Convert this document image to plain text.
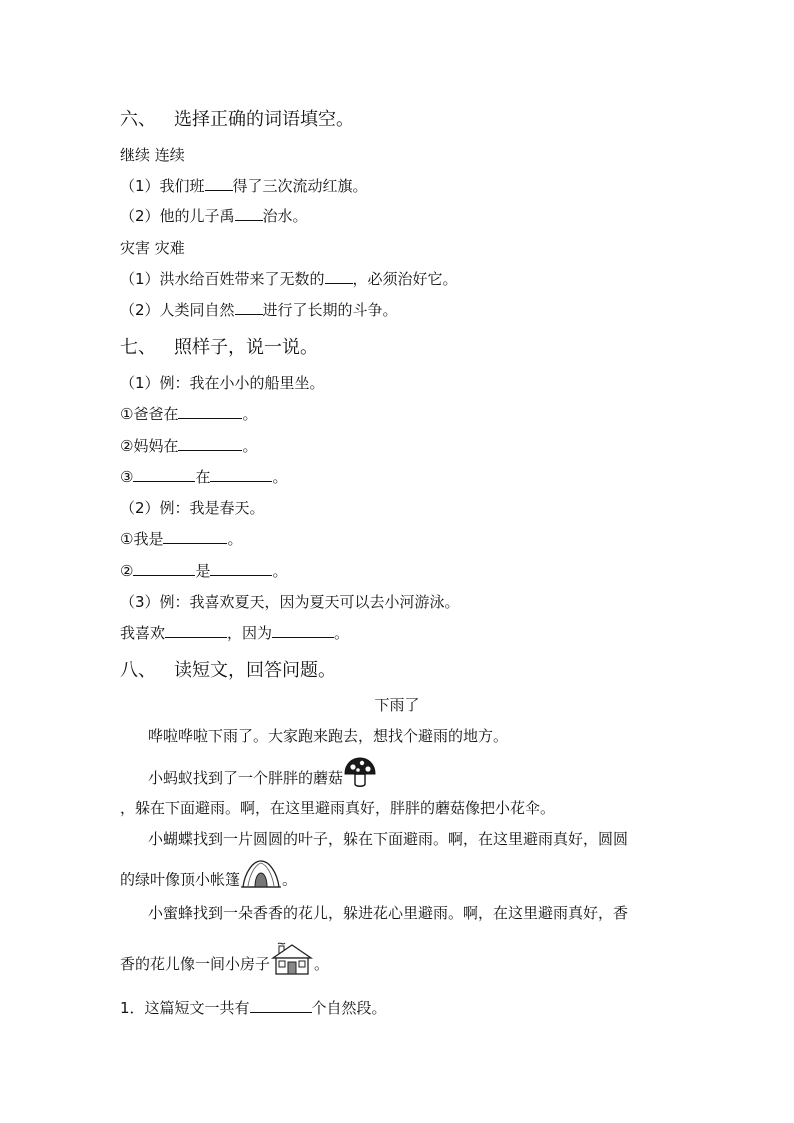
六、 选择正确的词语填空。
继续 连续
（1）我们班 得了三次流动红旗。
（2）他的儿子禹 治水。
灾害 灾难
（1）洪水给百姓带来了无数的 ，必须治好它。
（2）人类同自然 进行了长期的斗争。
七、 照样子，说一说。
（1）例：我在小小的船里坐。
①爸爸在	。
②妈妈在	。
③	在	。
（2）例：我是春天。
①我是	。
②	是	。
（3）例：我喜欢夏天，因为夏天可以去小河游泳。
我喜欢	，因为	。
八、 读短文，回答问题。
下雨了
哗啦哗啦下雨了。大家跑来跑去，想找个避雨的地方。
小蚂蚁找到了一个胖胖的蘑菇
，躲在下面避雨。啊，在这里避雨真好，胖胖的蘑菇像把小花伞。
小蝴蝶找到一片圆圆的叶子，躲在下面避雨。啊，在这里避雨真好，圆圆
的绿叶像顶小帐篷	。
小蜜蜂找到一朵香香的花儿，躲进花心里避雨。啊，在这里避雨真好，香
香的花儿像一间小房子	。
1．这篇短文一共有	个自然段。
